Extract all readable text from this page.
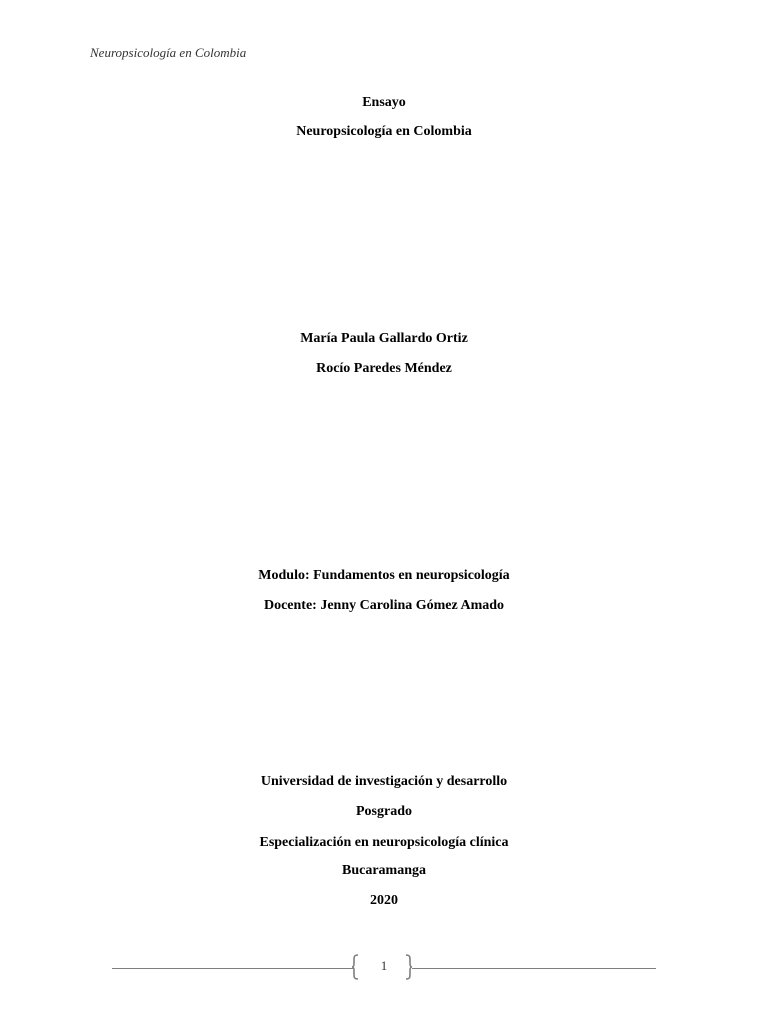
Neuropsicología en Colombia
Ensayo
Neuropsicología en Colombia
María Paula Gallardo Ortiz
Rocío Paredes Méndez
Modulo: Fundamentos en neuropsicología
Docente: Jenny Carolina Gómez Amado
Universidad de investigación y desarrollo
Posgrado
Especialización en neuropsicología clínica
Bucaramanga
2020
1
